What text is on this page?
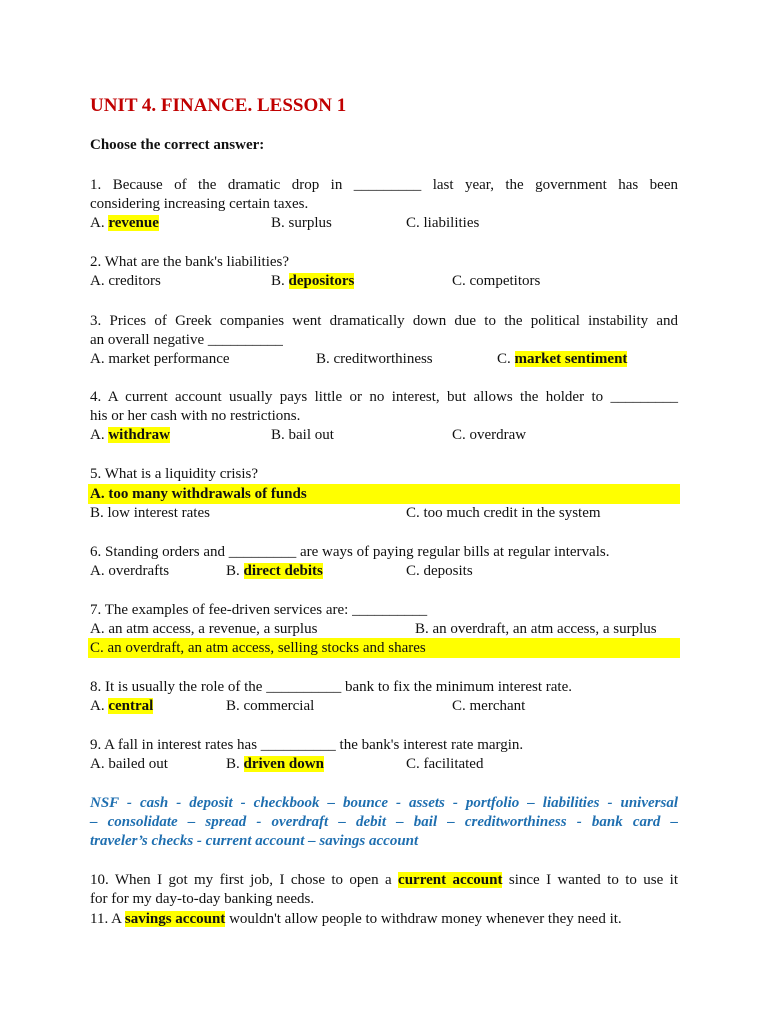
UNIT 4. FINANCE. LESSON 1
Choose the correct answer:
1. Because of the dramatic drop in _________ last year, the government has been
considering increasing certain taxes.
A. revenue	B. surplus	C. liabilities
2. What are the bank's liabilities?
A. creditors	B. depositors	C. competitors
3. Prices of Greek companies went dramatically down due to the political instability and
an overall negative __________
A. market performance	B. creditworthiness	C. market sentiment
4. A current account usually pays little or no interest, but allows the holder to _________
his or her cash with no restrictions.
A. withdraw	B. bail out	C. overdraw
5. What is a liquidity crisis?
A. too many withdrawals of funds
B. low interest rates	C. too much credit in the system
6. Standing orders and _________ are ways of paying regular bills at regular intervals.
A. overdrafts	B. direct debits	C. deposits
7. The examples of fee-driven services are: __________
A. an atm access, a revenue, a surplus	B. an overdraft, an atm access, a surplus
C. an overdraft, an atm access, selling stocks and shares
8. It is usually the role of the __________ bank to fix the minimum interest rate.
A. central	B. commercial	C. merchant
9. A fall in interest rates has __________ the bank's interest rate margin.
A. bailed out	B. driven down	C. facilitated
NSF - cash - deposit - checkbook – bounce - assets - portfolio – liabilities - universal
– consolidate – spread - overdraft – debit – bail – creditworthiness - bank card –
traveler’s checks - current account – savings account
10. When I got my first job, I chose to open a current account since I wanted to to use it
for for my day-to-day banking needs.
11. A savings account wouldn't allow people to withdraw money whenever they need it.
